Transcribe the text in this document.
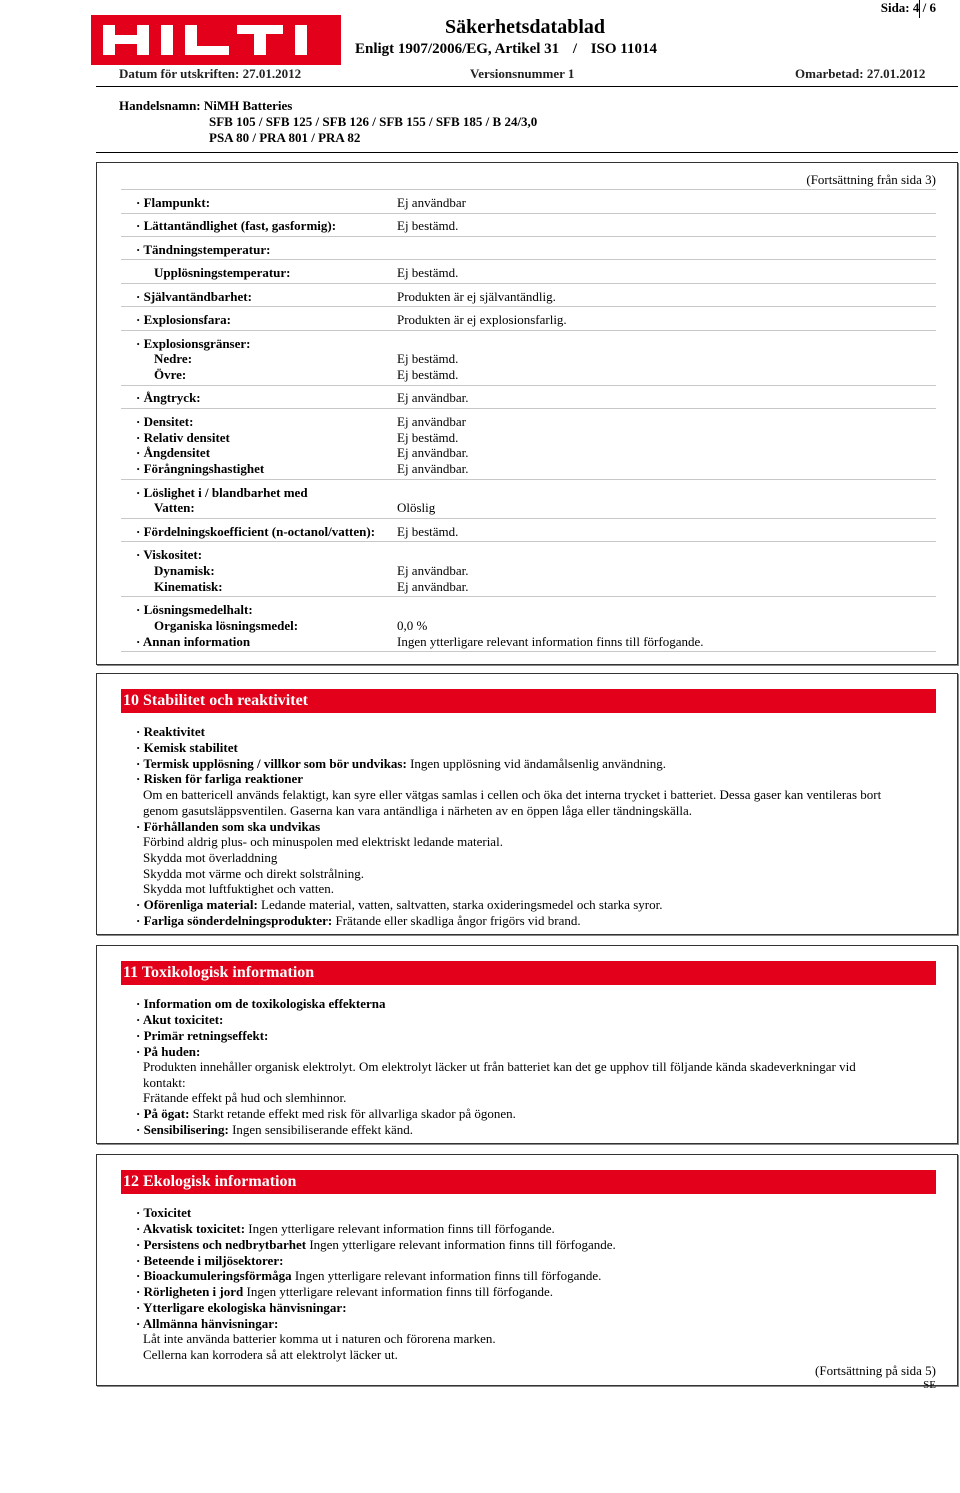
HILTI
Säkerhetsdatablad
Enligt 1907/2006/EG, Artikel 31 / ISO 11014
Sida: 4 / 6
Datum för utskriften: 27.01.2012	Versionsnummer 1	Omarbetad: 27.01.2012
Handelsnamn: NiMH Batteries
SFB 105 / SFB 125 / SFB 126 / SFB 155 / SFB 185 / B 24/3,0
PSA 80 / PRA 801 / PRA 82
(Fortsättning från sida 3)
· Flampunkt:	Ej användbar
· Lättantändlighet (fast, gasformig):	Ej bestämd.
· Tändningstemperatur:
Upplösningstemperatur:	Ej bestämd.
· Självantändbarhet:	Produkten är ej självantändlig.
· Explosionsfara:	Produkten är ej explosionsfarlig.
· Explosionsgränser:
Nedre:	Ej bestämd.
Övre:	Ej bestämd.
· Ångtryck:	Ej användbar.
· Densitet:	Ej användbar
· Relativ densitet	Ej bestämd.
· Ångdensitet	Ej användbar.
· Förångningshastighet	Ej användbar.
· Löslighet i / blandbarhet med
Vatten:	Olöslig
· Fördelningskoefficient (n-octanol/vatten): Ej bestämd.
· Viskositet:
Dynamisk:	Ej användbar.
Kinematisk:	Ej användbar.
· Lösningsmedelhalt:
Organiska lösningsmedel:	0,0 %
· Annan information	Ingen ytterligare relevant information finns till förfogande.
10 Stabilitet och reaktivitet
· Reaktivitet
· Kemisk stabilitet
· Termisk upplösning / villkor som bör undvikas: Ingen upplösning vid ändamålsenlig användning.
· Risken för farliga reaktioner
Om en battericell används felaktigt, kan syre eller vätgas samlas i cellen och öka det interna trycket i batteriet. Dessa gaser kan ventileras bort
genom gasutsläppsventilen. Gaserna kan vara antändliga i närheten av en öppen låga eller tändningskälla.
· Förhållanden som ska undvikas
Förbind aldrig plus- och minuspolen med elektriskt ledande material.
Skydda mot överladdning
Skydda mot värme och direkt solstrålning.
Skydda mot luftfuktighet och vatten.
· Oförenliga material: Ledande material, vatten, saltvatten, starka oxideringsmedel och starka syror.
· Farliga sönderdelningsprodukter: Frätande eller skadliga ångor frigörs vid brand.
11 Toxikologisk information
· Information om de toxikologiska effekterna
· Akut toxicitet:
· Primär retningseffekt:
· På huden:
Produkten innehåller organisk elektrolyt. Om elektrolyt läcker ut från batteriet kan det ge upphov till följande kända skadeverkningar vid
kontakt:
Frätande effekt på hud och slemhinnor.
· På ögat: Starkt retande effekt med risk för allvarliga skador på ögonen.
· Sensibilisering: Ingen sensibiliserande effekt känd.
12 Ekologisk information
· Toxicitet
· Akvatisk toxicitet: Ingen ytterligare relevant information finns till förfogande.
· Persistens och nedbrytbarhet Ingen ytterligare relevant information finns till förfogande.
· Beteende i miljösektorer:
· Bioackumuleringsförmåga Ingen ytterligare relevant information finns till förfogande.
· Rörligheten i jord Ingen ytterligare relevant information finns till förfogande.
· Ytterligare ekologiska hänvisningar:
· Allmänna hänvisningar:
Låt inte använda batterier komma ut i naturen och förorena marken.
Cellerna kan korrodera så att elektrolyt läcker ut.
(Fortsättning på sida 5)
SE
